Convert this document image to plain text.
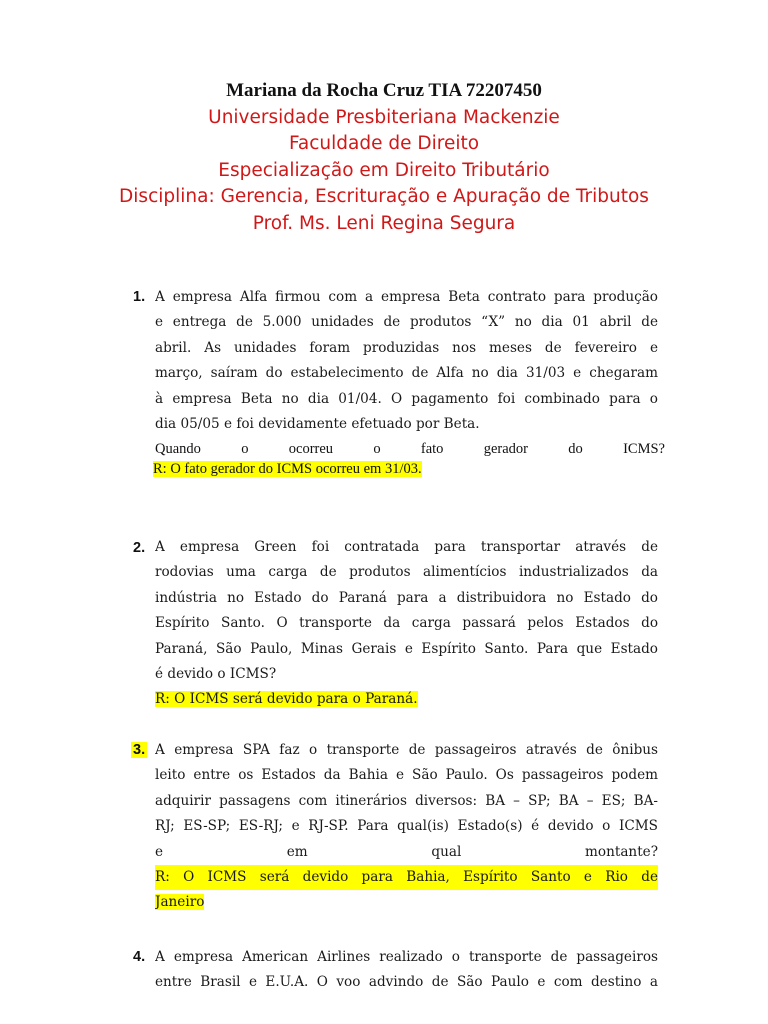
Mariana da Rocha Cruz TIA 72207450
Universidade Presbiteriana Mackenzie
Faculdade de Direito
Especialização em Direito Tributário
Disciplina: Gerencia, Escrituração e Apuração de Tributos
Prof. Ms. Leni Regina Segura
1. A empresa Alfa firmou com a empresa Beta contrato para produção
e entrega de 5.000 unidades de produtos “X” no dia 01 abril de
abril. As unidades foram produzidas nos meses de fevereiro e
março, saíram do estabelecimento de Alfa no dia 31/03 e chegaram
à empresa Beta no dia 01/04. O pagamento foi combinado para o
dia 05/05 e foi devidamente efetuado por Beta.
Quando o ocorreu o fato gerador do ICMS?
R: O fato gerador do ICMS ocorreu em 31/03.
2. A empresa Green foi contratada para transportar através de
rodovias uma carga de produtos alimentícios industrializados da
indústria no Estado do Paraná para a distribuidora no Estado do
Espírito Santo. O transporte da carga passará pelos Estados do
Paraná, São Paulo, Minas Gerais e Espírito Santo. Para que Estado
é devido o ICMS?
R: O ICMS será devido para o Paraná.
3. A empresa SPA faz o transporte de passageiros através de ônibus
leito entre os Estados da Bahia e São Paulo. Os passageiros podem
adquirir passagens com itinerários diversos: BA – SP; BA – ES; BA-
RJ; ES-SP; ES-RJ; e RJ-SP. Para qual(is) Estado(s) é devido o ICMS
e em qual montante?
R: O ICMS será devido para Bahia, Espírito Santo e Rio de
Janeiro
4. A empresa American Airlines realizado o transporte de passageiros
entre Brasil e E.U.A. O voo advindo de São Paulo e com destino a
